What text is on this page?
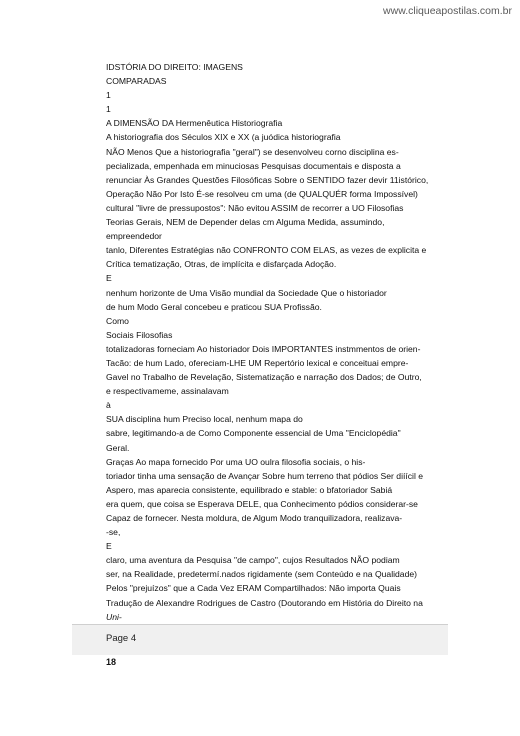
www.cliqueapostilas.com.br
IDSTÓRIA DO DIREITO: IMAGENS
COMPARADAS
1
1
A DIMENSÃO DA Hermenêutica Historiografia
A historiografia dos Séculos XIX e XX (a juódica historiografia
NÃO Menos Que a historiografia "geral") se desenvolveu corno disciplina es-
pecializada, empenhada em minuciosas Pesquisas documentais e disposta a
renunciar Às Grandes Questões Filosóficas Sobre o SENTIDO fazer devir 11istórico,
Operação Não Por Isto É-se resolveu cm uma (de QUALQUÉR forma Impossível)
cultural "livre de pressupostos": Não evitou ASSIM de recorrer a UO Filosofias
Teorias Gerais, NEM de Depender delas cm Alguma Medida, assumindo,
empreendedor
tanlo, Diferentes Estratégias não CONFRONTO COM ELAS, as vezes de explicita e
Crítica tematização, Otras, de implícita e disfarçada Adoção.
E
nenhum horizonte de Uma Visão mundial da Sociedade Que o historiador
de hum Modo Geral concebeu e praticou SUA Profissão.
Como
Sociais Filosofias
totalizadoras forneciam Ao historiador Dois IMPORTANTES instmmentos de orien-
Tacão: de hum Lado, ofereciam-LHE UM Repertório lexical e conceituai empre-
Gavel no Trabalho de Revelação, Sistematização e narração dos Dados; de Outro,
e respectivameme, assinalavam
à
SUA disciplina hum Preciso local, nenhum mapa do
sabre, legitimando-a de Como Componente essencial de Uma "Enciclopédia"
Geral.
Graças Ao mapa fornecido Por uma UO oulra filosofia sociais, o his-
toriador tinha uma sensação de Avançar Sobre hum terreno that pódios Ser diíícil e
Aspero, mas aparecia consistente, equilibrado e stable: o bfatoriador Sabiá
era quem, que coisa se Esperava DELE, qua Conhecimento pódios considerar-se
Capaz de fornecer. Nesta moldura, de Algum Modo tranquilizadora, realizava-
-se,
E
claro, uma aventura da Pesquisa "de campo", cujos Resultados NÃO podiam
ser, na Realidade, predetermí.nados rigidamente (sem Conteúdo e na Qualidade)
Pelos "prejuízos" que a Cada Vez ERAM Compartilhados: Não importa Quais
Tradução de Alexandre Rodrigues de Castro (Doutorando em História do Direito na
Uni-
Page 4
18
